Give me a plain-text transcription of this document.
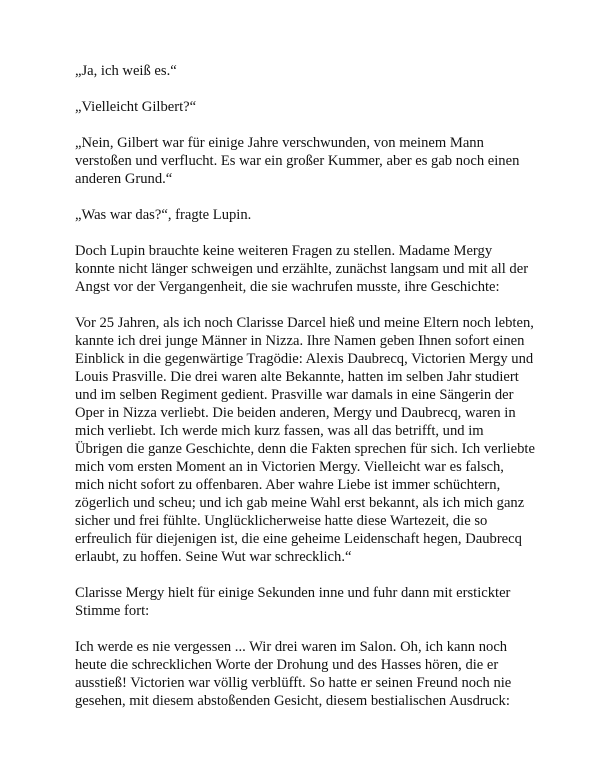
„Ja, ich weiß es.“

„Vielleicht Gilbert?“

„Nein, Gilbert war für einige Jahre verschwunden, von meinem Mann verstoßen und verflucht. Es war ein großer Kummer, aber es gab noch einen anderen Grund.“

„Was war das?“, fragte Lupin.

Doch Lupin brauchte keine weiteren Fragen zu stellen. Madame Mergy konnte nicht länger schweigen und erzählte, zunächst langsam und mit all der Angst vor der Vergangenheit, die sie wachrufen musste, ihre Geschichte:

Vor 25 Jahren, als ich noch Clarisse Darcel hieß und meine Eltern noch lebten, kannte ich drei junge Männer in Nizza. Ihre Namen geben Ihnen sofort einen Einblick in die gegenwärtige Tragödie: Alexis Daubrecq, Victorien Mergy und Louis Prasville. Die drei waren alte Bekannte, hatten im selben Jahr studiert und im selben Regiment gedient. Prasville war damals in eine Sängerin der Oper in Nizza verliebt. Die beiden anderen, Mergy und Daubrecq, waren in mich verliebt. Ich werde mich kurz fassen, was all das betrifft, und im Übrigen die ganze Geschichte, denn die Fakten sprechen für sich. Ich verliebte mich vom ersten Moment an in Victorien Mergy. Vielleicht war es falsch, mich nicht sofort zu offenbaren. Aber wahre Liebe ist immer schüchtern, zögerlich und scheu; und ich gab meine Wahl erst bekannt, als ich mich ganz sicher und frei fühlte. Unglücklicherweise hatte diese Wartezeit, die so erfreulich für diejenigen ist, die eine geheime Leidenschaft hegen, Daubrecq erlaubt, zu hoffen. Seine Wut war schrecklich.“

Clarisse Mergy hielt für einige Sekunden inne und fuhr dann mit erstickter Stimme fort:

Ich werde es nie vergessen ... Wir drei waren im Salon. Oh, ich kann noch heute die schrecklichen Worte der Drohung und des Hasses hören, die er ausstieß! Victorien war völlig verblüfft. So hatte er seinen Freund noch nie gesehen, mit diesem abstoßenden Gesicht, diesem bestialischen Ausdruck:
